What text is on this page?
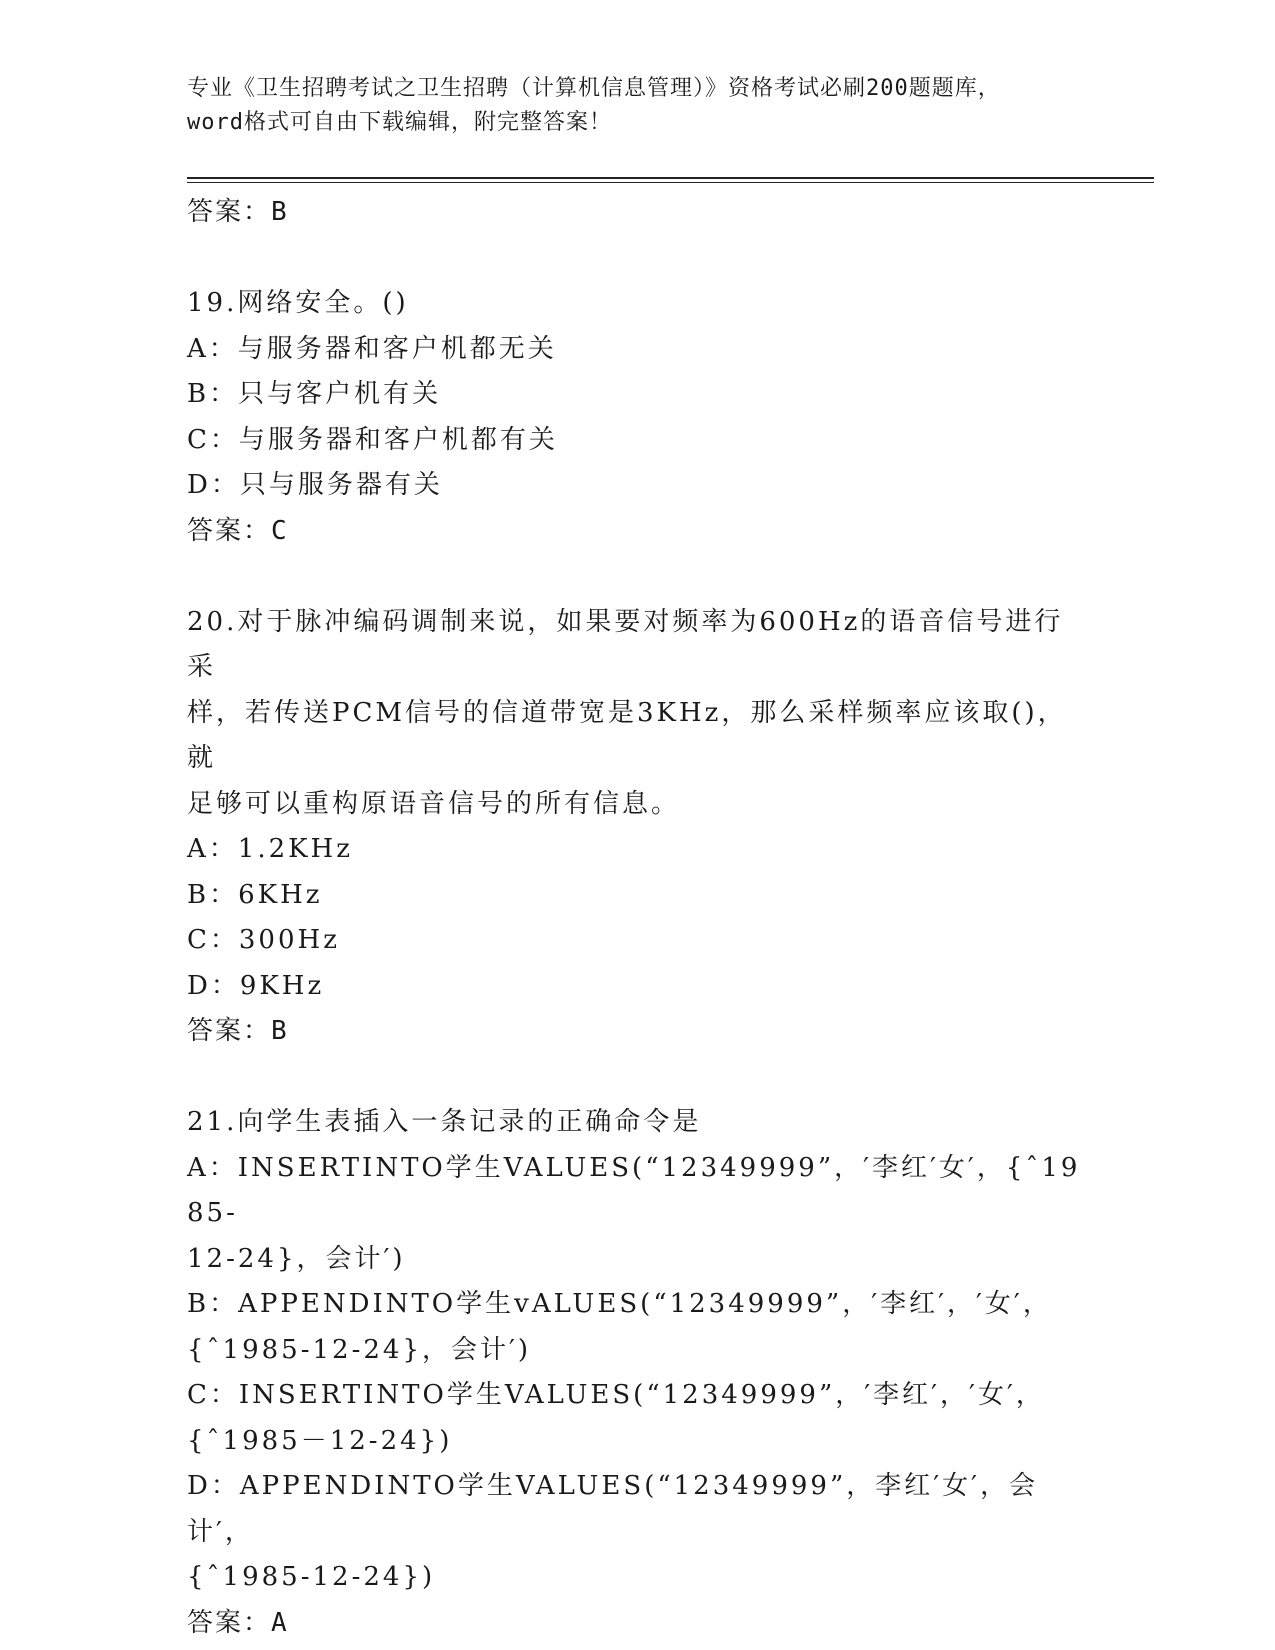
专业《卫生招聘考试之卫生招聘（计算机信息管理）》资格考试必刷200题题库，
word格式可自由下载编辑，附完整答案！
答案：B
19.网络安全。()
A：与服务器和客户机都无关
B：只与客户机有关
C：与服务器和客户机都有关
D：只与服务器有关
答案：C
20.对于脉冲编码调制来说，如果要对频率为600Hz的语音信号进行采
样，若传送PCM信号的信道带宽是3KHz，那么采样频率应该取()，就
足够可以重构原语音信号的所有信息。
A：1.2KHz
B：6KHz
C：300Hz
D：9KHz
答案：B
21.向学生表插入一条记录的正确命令是
A：INSERTINTO学生VALUES(“12349999”，′李红′女′，{ˆ1985-
12-24}，会计′)
B：APPENDINTO学生vALUES(“12349999”，′李红′，′女′，
{ˆ1985-12-24}，会计′)
C：INSERTINTO学生VALUES(“12349999”，′李红′，′女′，
{ˆ1985－12-24})
D：APPENDINTO学生VALUES(“12349999”，李红′女′，会计′，
{ˆ1985-12-24})
答案：A
